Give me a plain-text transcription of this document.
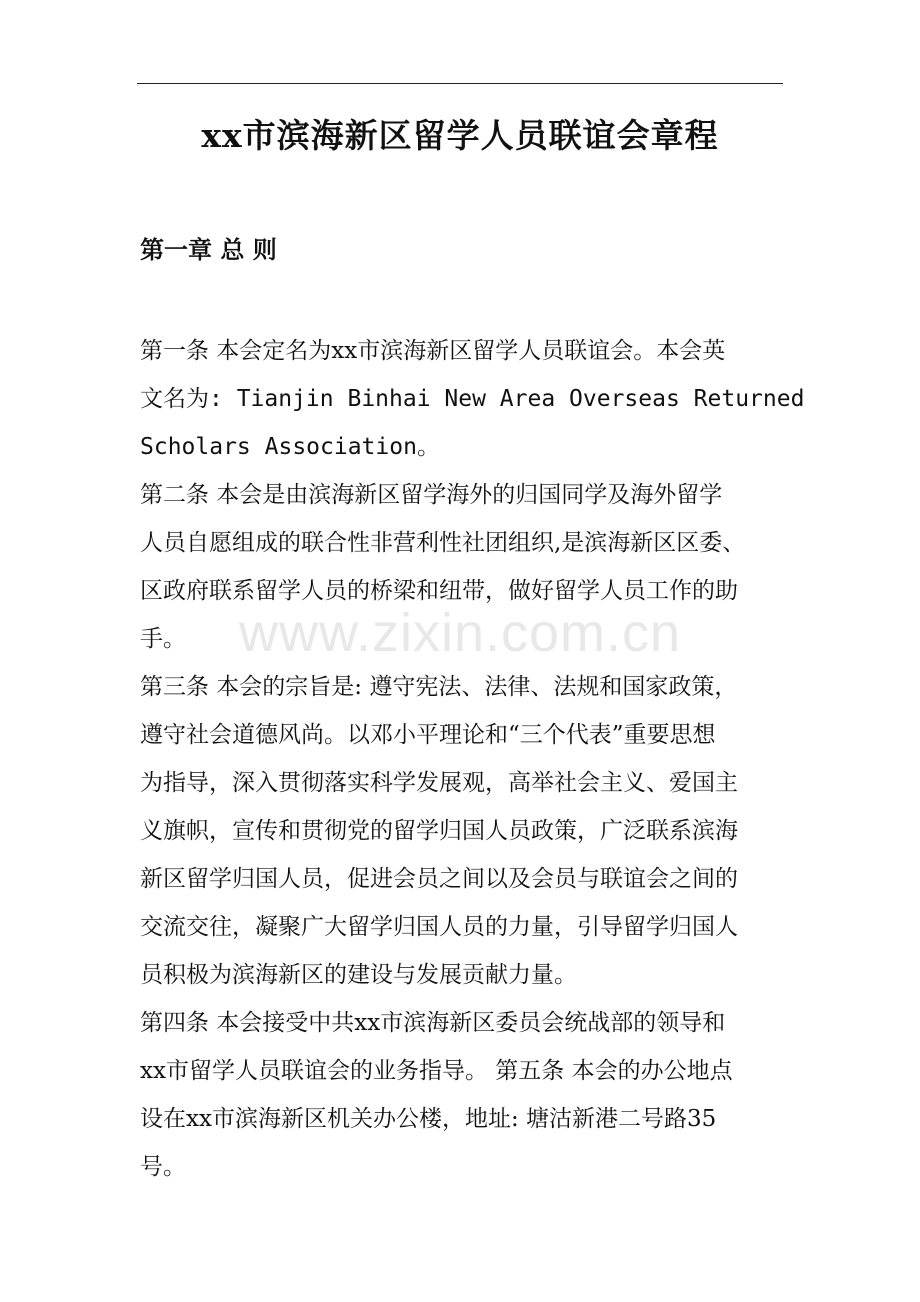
xx市滨海新区留学人员联谊会章程
第一章 总 则
www.zixin.com.cn
第一条 本会定名为xx市滨海新区留学人员联谊会。本会英
文名为: Tianjin Binhai New Area Overseas Returned
Scholars Association。
第二条 本会是由滨海新区留学海外的归国同学及海外留学
人员自愿组成的联合性非营利性社团组织,是滨海新区区委、
区政府联系留学人员的桥梁和纽带，做好留学人员工作的助
手。
第三条 本会的宗旨是: 遵守宪法、法律、法规和国家政策，
遵守社会道德风尚。以邓小平理论和“三个代表”重要思想
为指导，深入贯彻落实科学发展观，高举社会主义、爱国主
义旗帜，宣传和贯彻党的留学归国人员政策，广泛联系滨海
新区留学归国人员，促进会员之间以及会员与联谊会之间的
交流交往，凝聚广大留学归国人员的力量，引导留学归国人
员积极为滨海新区的建设与发展贡献力量。
第四条 本会接受中共xx市滨海新区委员会统战部的领导和
xx市留学人员联谊会的业务指导。 第五条 本会的办公地点
设在xx市滨海新区机关办公楼，地址: 塘沽新港二号路35
号。
